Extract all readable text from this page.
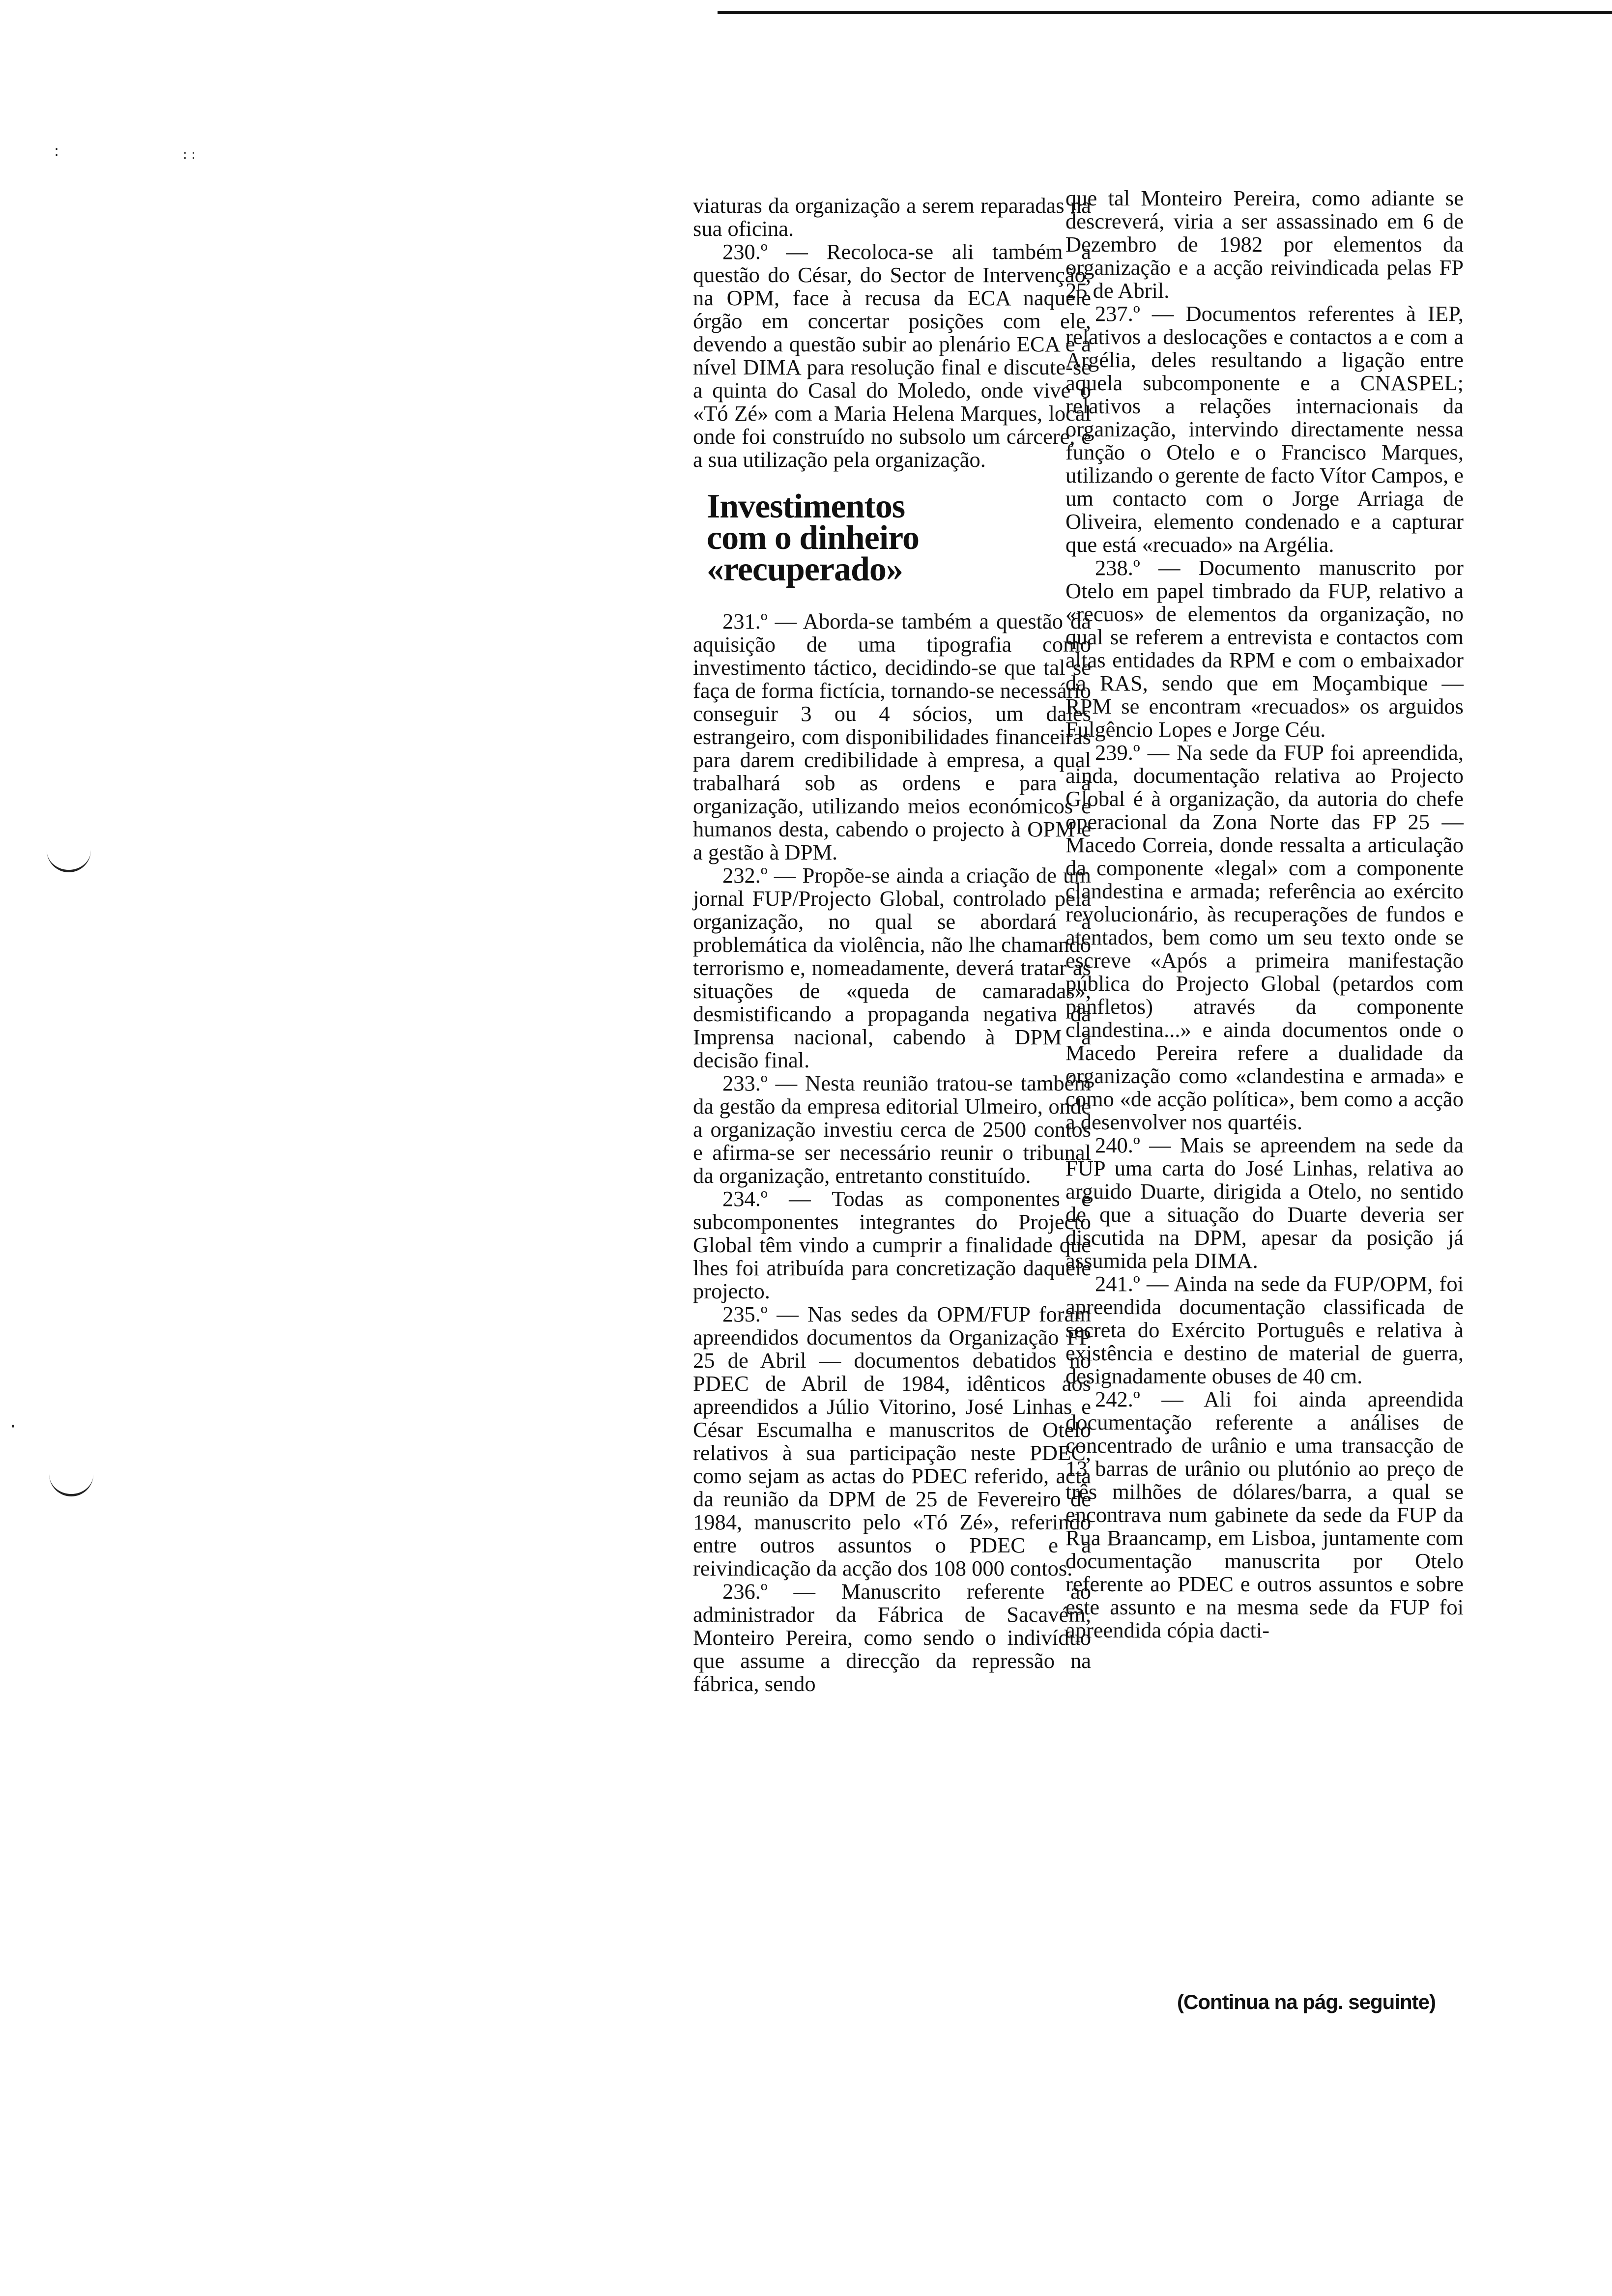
:	: :
·

viaturas da organização a serem reparadas na sua oficina.

230.º — Recoloca-se ali também a questão do César, do Sector de Intervenção, na OPM, face à recusa da ECA naquele órgão em concertar posições com ele, devendo a questão subir ao plenário ECA e a nível DIMA para resolução final e discute-se a quinta do Casal do Moledo, onde vive o «Tó Zé» com a Maria Helena Marques, local onde foi construído no subsolo um cárcere, e a sua utilização pela organização.

Investimentos
com o dinheiro
«recuperado»

231.º — Aborda-se também a questão da aquisição de uma tipografia como investimento táctico, decidindo-se que tal se faça de forma fictícia, tornando-se necessário conseguir 3 ou 4 sócios, um dales estrangeiro, com disponibilidades financeiras para darem credibilidade à empresa, a qual trabalhará sob as ordens e para a organização, utilizando meios económicos e humanos desta, cabendo o projecto à OPM e a gestão à DPM.

232.º — Propõe-se ainda a criação de um jornal FUP/Projecto Global, controlado pela organização, no qual se abordará a problemática da violência, não lhe chamando terrorismo e, nomeadamente, deverá tratar as situações de «queda de camaradas», desmistificando a propaganda negativa da Imprensa nacional, cabendo à DPM a decisão final.

233.º — Nesta reunião tratou-se também da gestão da empresa editorial Ulmeiro, onde a organização investiu cerca de 2500 contos e afirma-se ser necessário reunir o tribunal da organização, entretanto constituído.

234.º — Todas as componentes e subcomponentes integrantes do Projecto Global têm vindo a cumprir a finalidade que lhes foi atribuída para concretização daquele projecto.

235.º — Nas sedes da OPM/FUP foram apreendidos documentos da Organização FP 25 de Abril — documentos debatidos no PDEC de Abril de 1984, idênticos aos apreendidos a Júlio Vitorino, José Linhas e César Escumalha e manuscritos de Otelo relativos à sua participação neste PDEC, como sejam as actas do PDEC referido, acta da reunião da DPM de 25 de Fevereiro de 1984, manuscrito pelo «Tó Zé», referindo entre outros assuntos o PDEC e a reivindicação da acção dos 108 000 contos.

236.º — Manuscrito referente ao administrador da Fábrica de Sacavém, Monteiro Pereira, como sendo o indivíduo que assume a direcção da repressão na fábrica, sendo

que tal Monteiro Pereira, como adiante se descreverá, viria a ser assassinado em 6 de Dezembro de 1982 por elementos da organização e a acção reivindicada pelas FP 25 de Abril.

237.º — Documentos referentes à IEP, relativos a deslocações e contactos a e com a Argélia, deles resultando a ligação entre aquela subcomponente e a CNASPEL; relativos a relações internacionais da organização, intervindo directamente nessa função o Otelo e o Francisco Marques, utilizando o gerente de facto Vítor Campos, e um contacto com o Jorge Arriaga de Oliveira, elemento condenado e a capturar que está «recuado» na Argélia.

238.º — Documento manuscrito por Otelo em papel timbrado da FUP, relativo a «recuos» de elementos da organização, no qual se referem a entrevista e contactos com altas entidades da RPM e com o embaixador da RAS, sendo que em Moçambique — RPM se encontram «recuados» os arguidos Fulgêncio Lopes e Jorge Céu.

239.º — Na sede da FUP foi apreendida, ainda, documentação relativa ao Projecto Global é à organização, da autoria do chefe operacional da Zona Norte das FP 25 — Macedo Correia, donde ressalta a articulação da componente «legal» com a componente clandestina e armada; referência ao exército revolucionário, às recuperações de fundos e atentados, bem como um seu texto onde se escreve «Após a primeira manifestação pública do Projecto Global (petardos com panfletos) através da componente clandestina...» e ainda documentos onde o Macedo Pereira refere a dualidade da organização como «clandestina e armada» e como «de acção política», bem como a acção a desenvolver nos quartéis.

240.º — Mais se apreendem na sede da FUP uma carta do José Linhas, relativa ao arguido Duarte, dirigida a Otelo, no sentido de que a situação do Duarte deveria ser discutida na DPM, apesar da posição já assumida pela DIMA.

241.º — Ainda na sede da FUP/OPM, foi apreendida documentação classificada de secreta do Exército Português e relativa à existência e destino de material de guerra, designadamente obuses de 40 cm.

242.º — Ali foi ainda apreendida documentação referente a análises de concentrado de urânio e uma transacção de 13 barras de urânio ou plutónio ao preço de três milhões de dólares/barra, a qual se encontrava num gabinete da sede da FUP da Rua Braancamp, em Lisboa, juntamente com documentação manuscrita por Otelo referente ao PDEC e outros assuntos e sobre este assunto e na mesma sede da FUP foi apreendida cópia dacti-

(Continua na pág. seguinte)
